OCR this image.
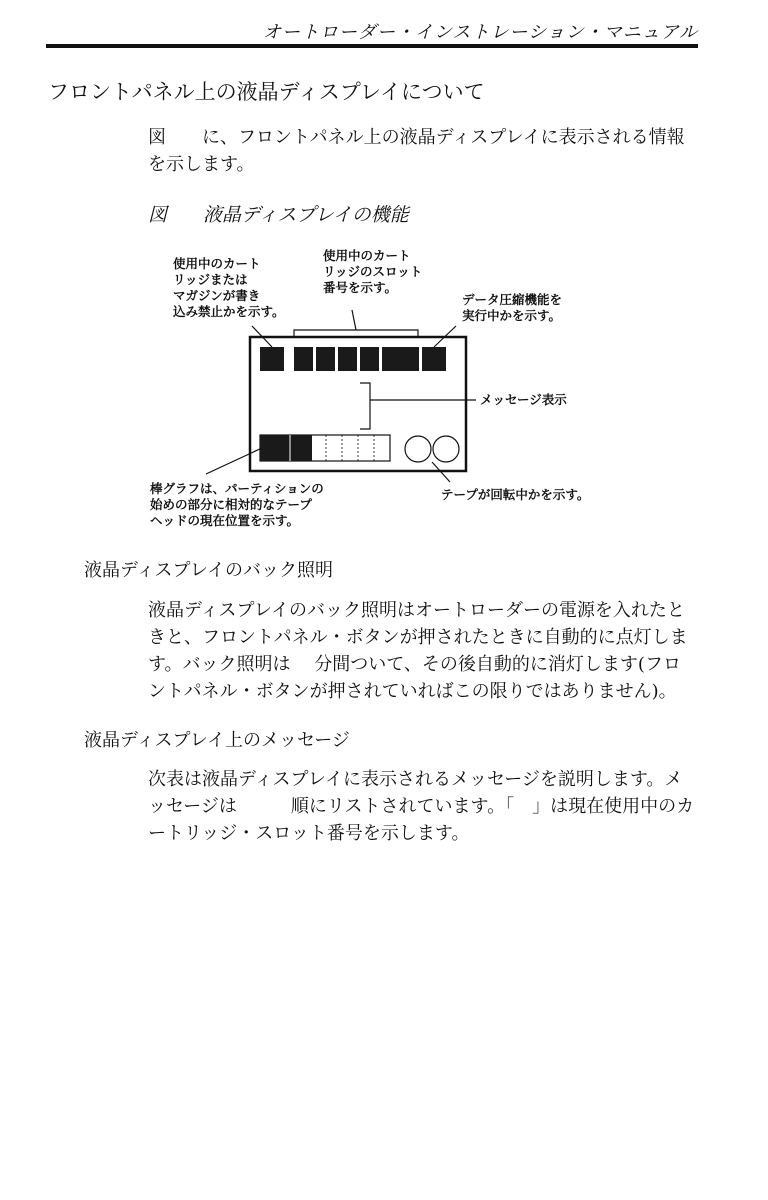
オートローダー・インストレーション・マニュアル
フロントパネル上の液晶ディスプレイについて
図　　に、フロントパネル上の液晶ディスプレイに表示される情報を示します。
図 液晶ディスプレイの機能
使用中のカート
リッジまたは
マガジンが書き
込み禁止かを示す。
使用中のカート
リッジのスロット
番号を示す。
データ圧縮機能を
実行中かを示す。
メッセージ表示
棒グラフは、パーティションの
始めの部分に相対的なテープ
ヘッドの現在位置を示す。
テープが回転中かを示す。
液晶ディスプレイのバック照明
液晶ディスプレイのバック照明はオートローダーの電源を入れたときと、フロントパネル・ボタンが押されたときに自動的に点灯します。バック照明は　 分間ついて、その後自動的に消灯します(フロントパネル・ボタンが押されていればこの限りではありません)。
液晶ディスプレイ上のメッセージ
次表は液晶ディスプレイに表示されるメッセージを説明します。メッセージは　　　順にリストされています。「　」は現在使用中のカートリッジ・スロット番号を示します。
